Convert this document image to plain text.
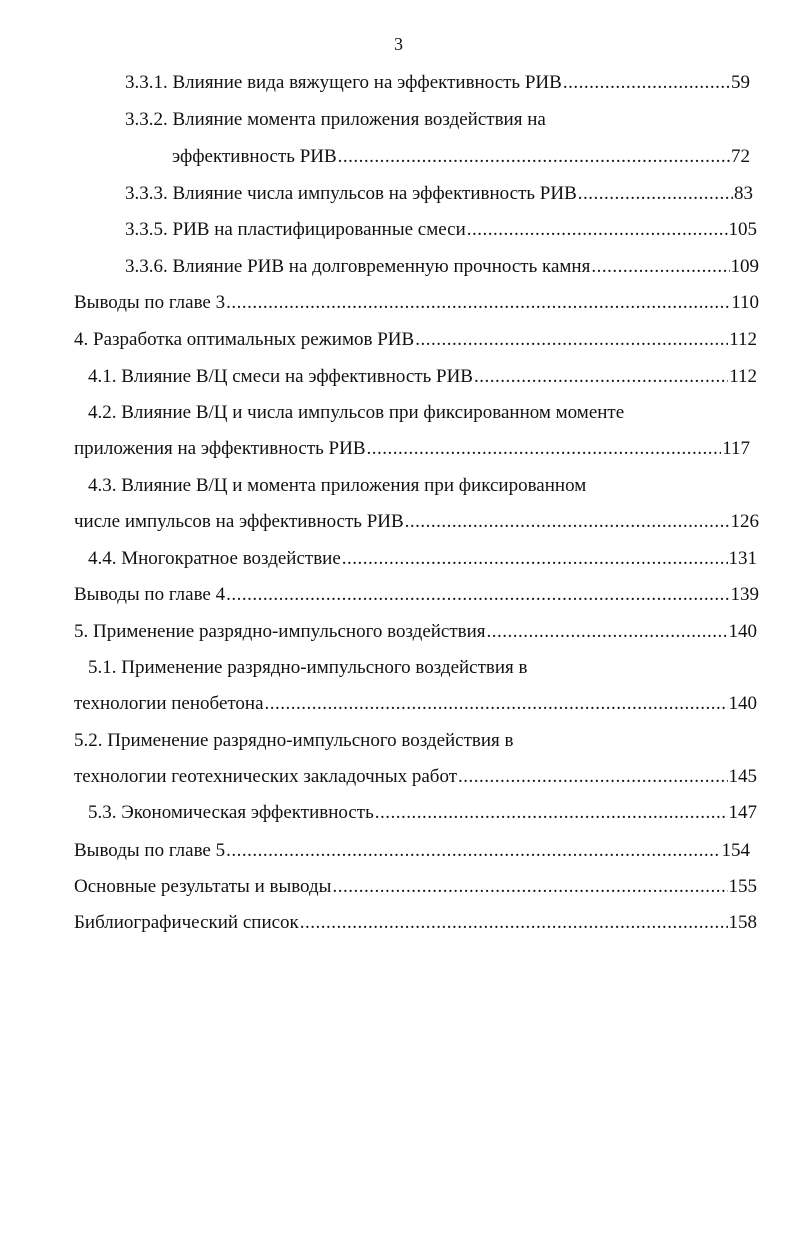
3
3.3.1. Влияние вида вяжущего на эффективность РИВ .....	59
3.3.2. Влияние момента приложения воздействия на
эффективность РИВ .....	72
3.3.3. Влияние числа импульсов на эффективность РИВ .....	83
3.3.5. РИВ на пластифицированные смеси .....	105
3.3.6. Влияние РИВ на долговременную прочность камня .....	109
Выводы по главе 3 .....	110
4. Разработка оптимальных режимов РИВ .....	112
4.1. Влияние В/Ц смеси на эффективность РИВ .....	112
4.2. Влияние В/Ц и числа импульсов при фиксированном моменте
приложения на эффективность РИВ .....	117
4.3. Влияние В/Ц и момента приложения при фиксированном
числе импульсов на эффективность РИВ .....	126
4.4. Многократное воздействие .....	131
Выводы по главе 4 .....	139
5. Применение разрядно-импульсного воздействия .....	140
5.1. Применение разрядно-импульсного воздействия в
технологии пенобетона .....	140
5.2. Применение разрядно-импульсного воздействия в
технологии геотехнических закладочных работ .....	145
5.3. Экономическая эффективность .....	147
Выводы по главе 5 .....	154
Основные результаты и выводы .....	155
Библиографический список .....	158
